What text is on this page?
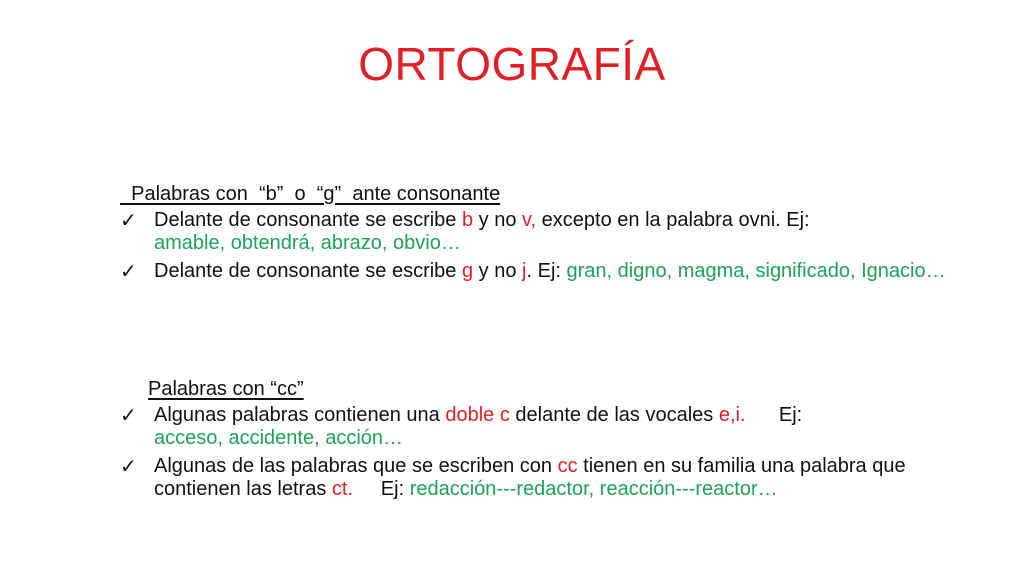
ORTOGRAFÍA
Palabras con  “b”  o  “g”  ante consonante
✓ Delante de consonante se escribe b y no v, excepto en la palabra ovni. Ej:
amable, obtendrá, abrazo, obvio…
✓ Delante de consonante se escribe g y no j. Ej: gran, digno, magma, significado, Ignacio…
Palabras con “cc”
✓ Algunas palabras contienen una doble c delante de las vocales e,i.      Ej:
acceso, accidente, acción…
✓ Algunas de las palabras que se escriben con cc tienen en su familia una palabra que contienen las letras ct.     Ej: redacción---redactor, reacción---reactor…
